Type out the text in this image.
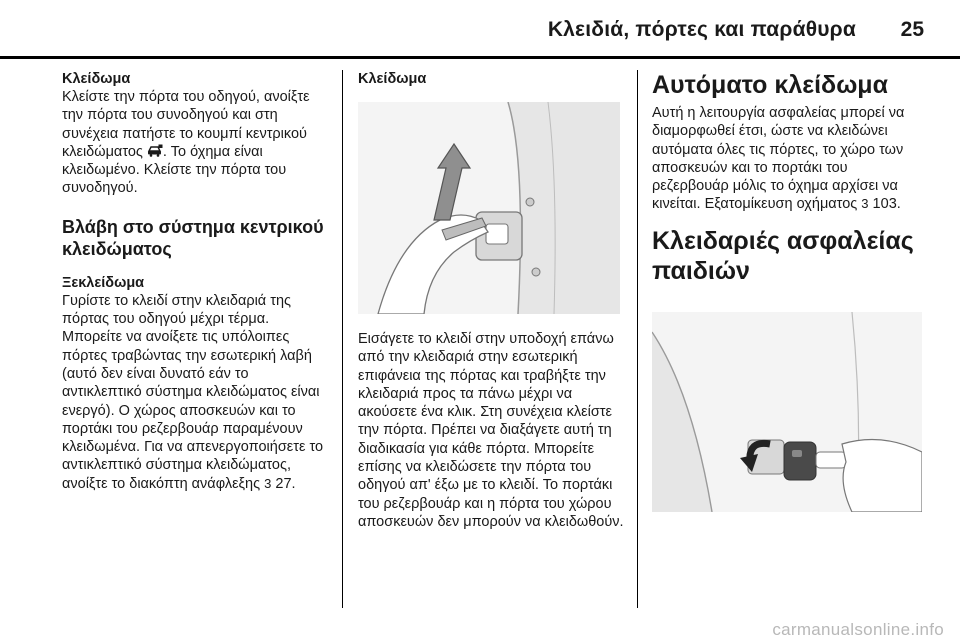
Κλειδιά, πόρτες και παράθυρα 25
Κλείδωμα

Κλείστε την πόρτα του οδηγού, ανοίξτε την πόρτα του συνοδηγού και στη συνέχεια πατήστε το κουμπί κεντρικού κλειδώματος . Το όχημα είναι κλειδωμένο. Κλείστε την πόρτα του συνοδηγού.

Βλάβη στο σύστημα κεντρικού κλειδώματος
Ξεκλείδωμα

Γυρίστε το κλειδί στην κλειδαριά της πόρτας του οδηγού μέχρι τέρμα. Μπορείτε να ανοίξετε τις υπόλοιπες πόρτες τραβώντας την εσωτερική λαβή (αυτό δεν είναι δυνατό εάν το αντικλεπτικό σύστημα κλειδώματος είναι ενεργό). Ο χώρος αποσκευών και το πορτάκι του ρεζερβουάρ παραμένουν κλειδωμένα. Για να απενεργοποιήσετε το αντικλεπτικό σύστημα κλειδώματος, ανοίξτε το διακόπτη ανάφλεξης 3 27.

Κλείδωμα
Εισάγετε το κλειδί στην υποδοχή επάνω από την κλειδαριά στην εσωτερική επιφάνεια της πόρτας και τραβήξτε την κλειδαριά προς τα πάνω μέχρι να ακούσετε ένα κλικ. Στη συνέχεια κλείστε την πόρτα. Πρέπει να διαξάγετε αυτή τη διαδικασία για κάθε πόρτα. Μπορείτε επίσης να κλειδώσετε την πόρτα του οδηγού απ' έξω με το κλειδί. Το πορτάκι του ρεζερβουάρ και η πόρτα του χώρου αποσκευών δεν μπορούν να κλειδωθούν.
Αυτόματο κλείδωμα

Αυτή η λειτουργία ασφαλείας μπορεί να διαμορφωθεί έτσι, ώστε να κλειδώνει αυτόματα όλες τις πόρτες, το χώρο των αποσκευών και το πορτάκι του ρεζερβουάρ μόλις το όχημα αρχίσει να κινείται. Εξατομίκευση οχήματος 3 103.

Κλειδαριές ασφαλείας παιδιών
carmanualsonline.info
